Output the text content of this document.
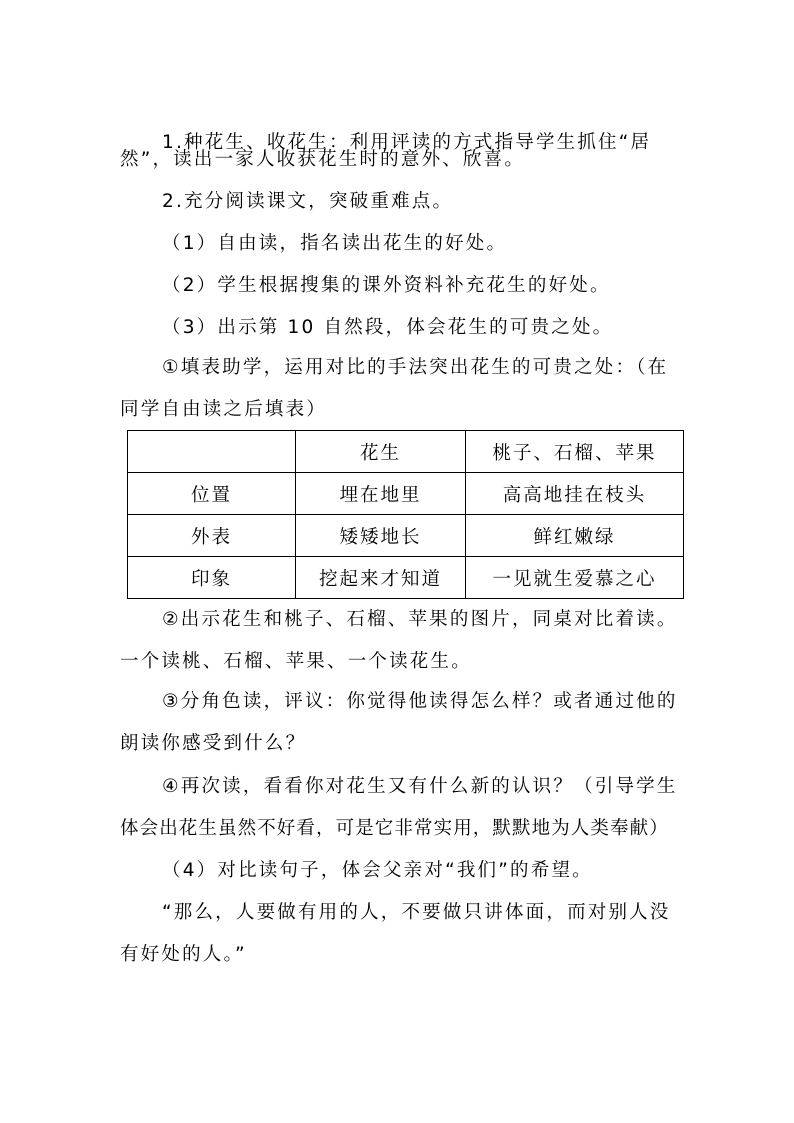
1.种花生、收花生：利用评读的方式指导学生抓住“居
然”，读出一家人收获花生时的意外、欣喜。
2.充分阅读课文，突破重难点。
（1）自由读，指名读出花生的好处。
（2）学生根据搜集的课外资料补充花生的好处。
（3）出示第 10 自然段，体会花生的可贵之处。
①填表助学，运用对比的手法突出花生的可贵之处：（在
同学自由读之后填表）
	花生	桃子、石榴、苹果
位置	埋在地里	高高地挂在枝头
外表	矮矮地长	鲜红嫩绿
印象	挖起来才知道	一见就生爱慕之心
②出示花生和桃子、石榴、苹果的图片，同桌对比着读。
一个读桃、石榴、苹果、一个读花生。
③分角色读，评议：你觉得他读得怎么样？或者通过他的
朗读你感受到什么？
④再次读，看看你对花生又有什么新的认识？（引导学生
体会出花生虽然不好看，可是它非常实用，默默地为人类奉献）
（4）对比读句子，体会父亲对“我们”的希望。
“那么，人要做有用的人，不要做只讲体面，而对别人没
有好处的人。”
